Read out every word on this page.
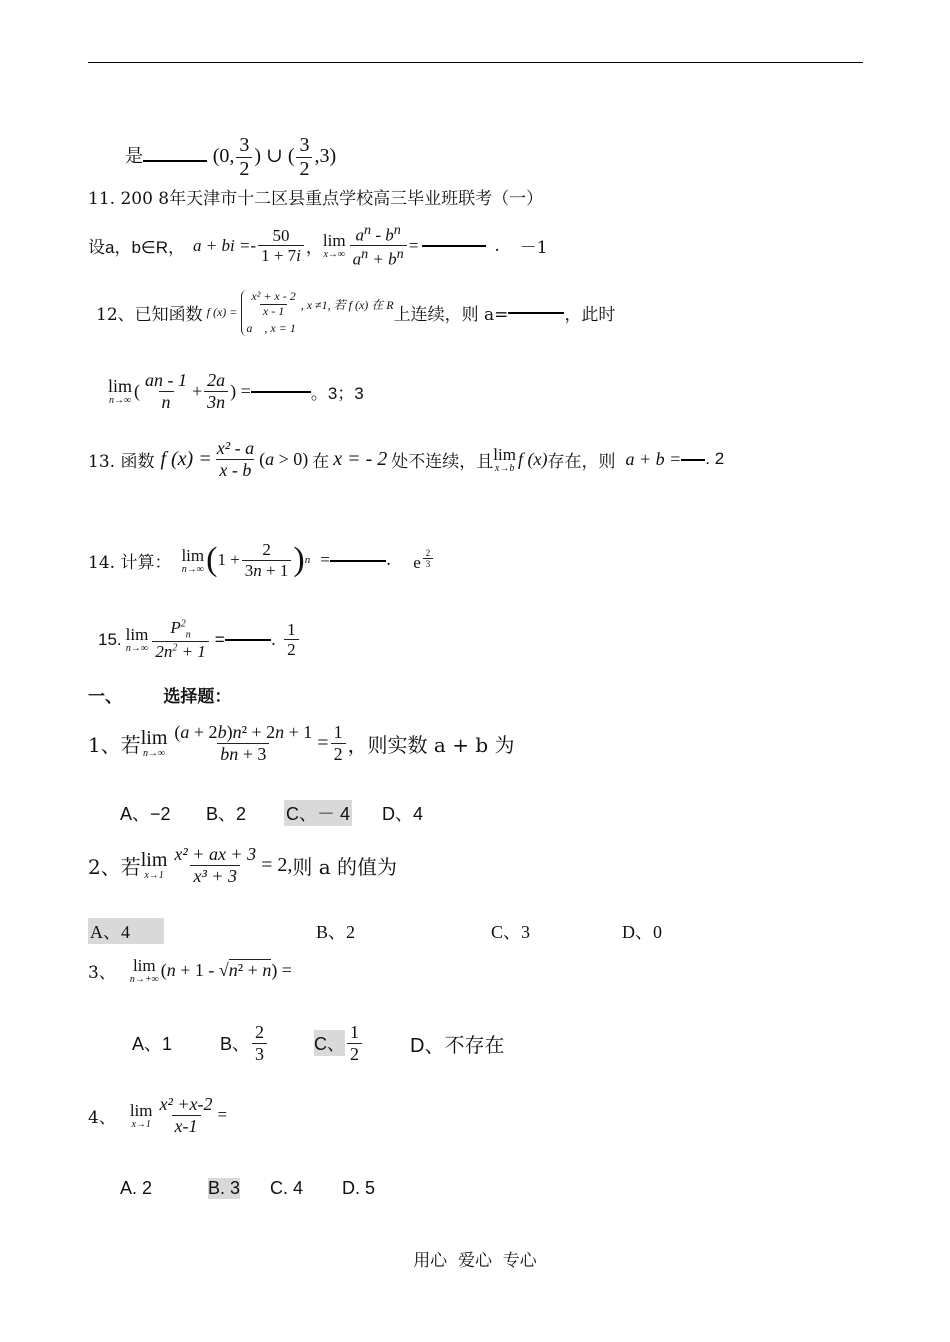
是	(0, $\frac{3}{2}$ ) ∪ ( $\frac{3}{2} ,3$)
11. 200 8年天津市十二区县重点学校高三毕业班联考（一）
设 a，b∈R， a + bi =- $\frac{50}{1 + 7i}$ ， lim
$x\to\infty \frac{a^n - b^n}{a^n + b^n}$ =	. －1
12、已知函数 f $(x) = \frac{\text{x² + x - 2}}{x - 1}$ , x ≠1, 若 f (x) 在 R
a    , x = 1
上连续，则 a=	，此时
lim
n→∞ ( $\frac{an - 1}{n} + \frac{2a}{3n}$ ) =	。3；3
13. 函数 f $(x) = \frac{\text{x² - a}}{x - b} (a > 0)$ 在 x = - 2 处不连续，且 lim
x→b f (x) 存在，则 a + b = . 2
14. 计算： lim
n→∞ ( $1 + \frac{2}{3n + 1}$ ) n =	. e $^{\frac{2}{3}}$
15. lim
$n\to\infty \frac{P^2_n}{2n^2 + 1}$ =	. $\frac{1}{2}$
一、 选择题：
1、若 lim
$n\to\infty \frac{\text{(a + 2b)n² + 2n + 1}}{bn + 3} = \frac{1}{2}$ ，则实数 a + b 为
A、−2	B、2	C、－ 4 D、4
2、若 lim
$x\to 1 \frac{\text{x² + ax + 3}}{\text{x³ + 3}} = 2$, 则 a 的值为
A、4	B、2	C、3	D、0
3、 lim
n→+∞ (n + 1 - √n² + n) =
A、1	B、 $\frac{2}{3}$	C、 $\frac{1}{2}$ D、不存在
4、 lim
$x\to 1 \frac{\text{x² +x-2}}{x-1}$ =
A. 2	B. 3 C. 4	D. 5
用心  爱心  专心
